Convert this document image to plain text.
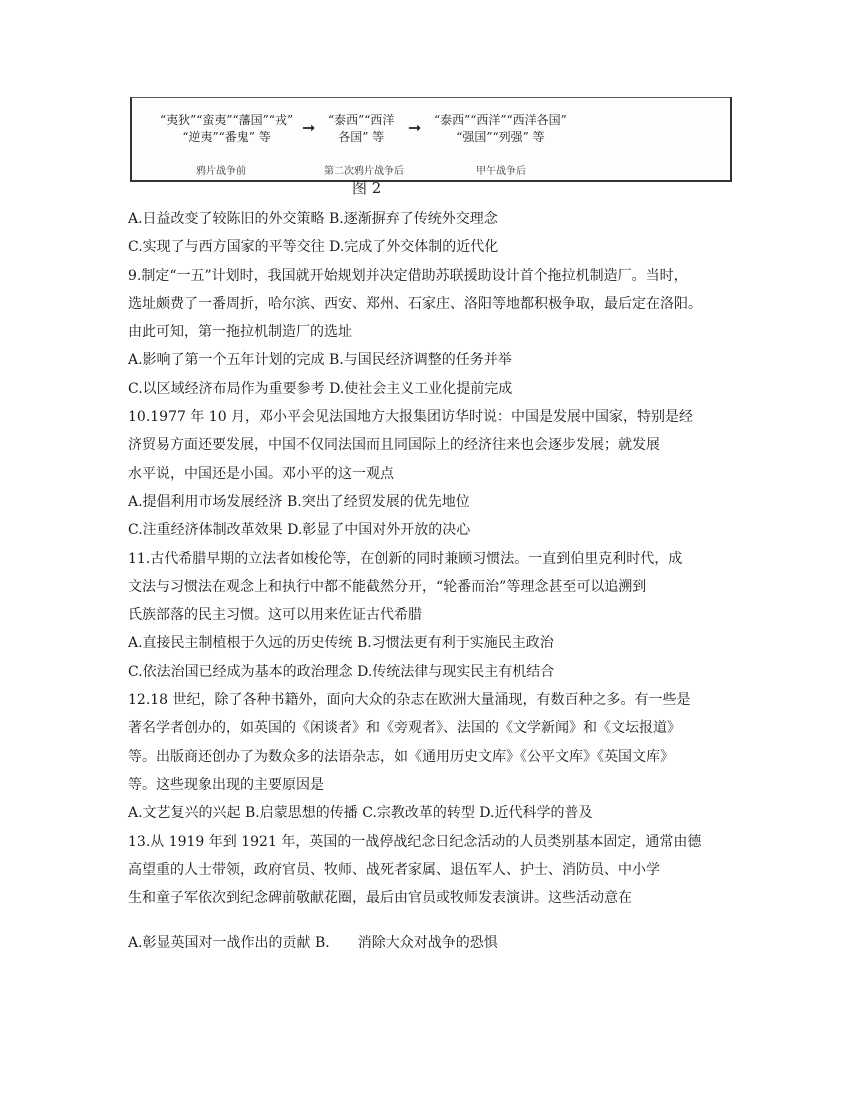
“夷狄”“蛮夷”“藩国”“戎”
“逆夷”“番鬼” 等	➞ “泰西”“西洋
各国” 等	➞ “泰西”“西洋”“西洋各国”
“强国”“列强” 等
鸦片战争前	第二次鸦片战争后	甲午战争后
图 2
A.日益改变了较陈旧的外交策略 B.逐渐摒弃了传统外交理念
C.实现了与西方国家的平等交往 D.完成了外交体制的近代化
9.制定“一五”计划时，我国就开始规划并决定借助苏联援助设计首个拖拉机制造厂。当时，
选址颇费了一番周折，哈尔滨、西安、郑州、石家庄、洛阳等地都积极争取，最后定在洛阳。
由此可知，第一拖拉机制造厂的选址
A.影响了第一个五年计划的完成 B.与国民经济调整的任务并举
C.以区域经济布局作为重要参考 D.使社会主义工业化提前完成
10.1977 年 10 月，邓小平会见法国地方大报集团访华时说：中国是发展中国家，特别是经
济贸易方面还要发展，中国不仅同法国而且同国际上的经济往来也会逐步发展；就发展
水平说，中国还是小国。邓小平的这一观点
A.提倡利用市场发展经济 B.突出了经贸发展的优先地位
C.注重经济体制改革效果 D.彰显了中国对外开放的决心
11.古代希腊早期的立法者如梭伦等，在创新的同时兼顾习惯法。一直到伯里克利时代，成
文法与习惯法在观念上和执行中都不能截然分开，“轮番而治”等理念甚至可以追溯到
氏族部落的民主习惯。这可以用来佐证古代希腊
A.直接民主制植根于久远的历史传统 B.习惯法更有利于实施民主政治
C.依法治国已经成为基本的政治理念 D.传统法律与现实民主有机结合
12.18 世纪，除了各种书籍外，面向大众的杂志在欧洲大量涌现，有数百种之多。有一些是
著名学者创办的，如英国的《闲谈者》和《旁观者》、法国的《文学新闻》和《文坛报道》
等。出版商还创办了为数众多的法语杂志，如《通用历史文库》《公平文库》《英国文库》
等。这些现象出现的主要原因是
A.文艺复兴的兴起 B.启蒙思想的传播 C.宗教改革的转型 D.近代科学的普及
13.从 1919 年到 1921 年，英国的一战停战纪念日纪念活动的人员类别基本固定，通常由德
高望重的人士带领，政府官员、牧师、战死者家属、退伍军人、护士、消防员、中小学
生和童子军依次到纪念碑前敬献花圈，最后由官员或牧师发表演讲。这些活动意在
A.彰显英国对一战作出的贡献 B.　　消除大众对战争的恐惧
